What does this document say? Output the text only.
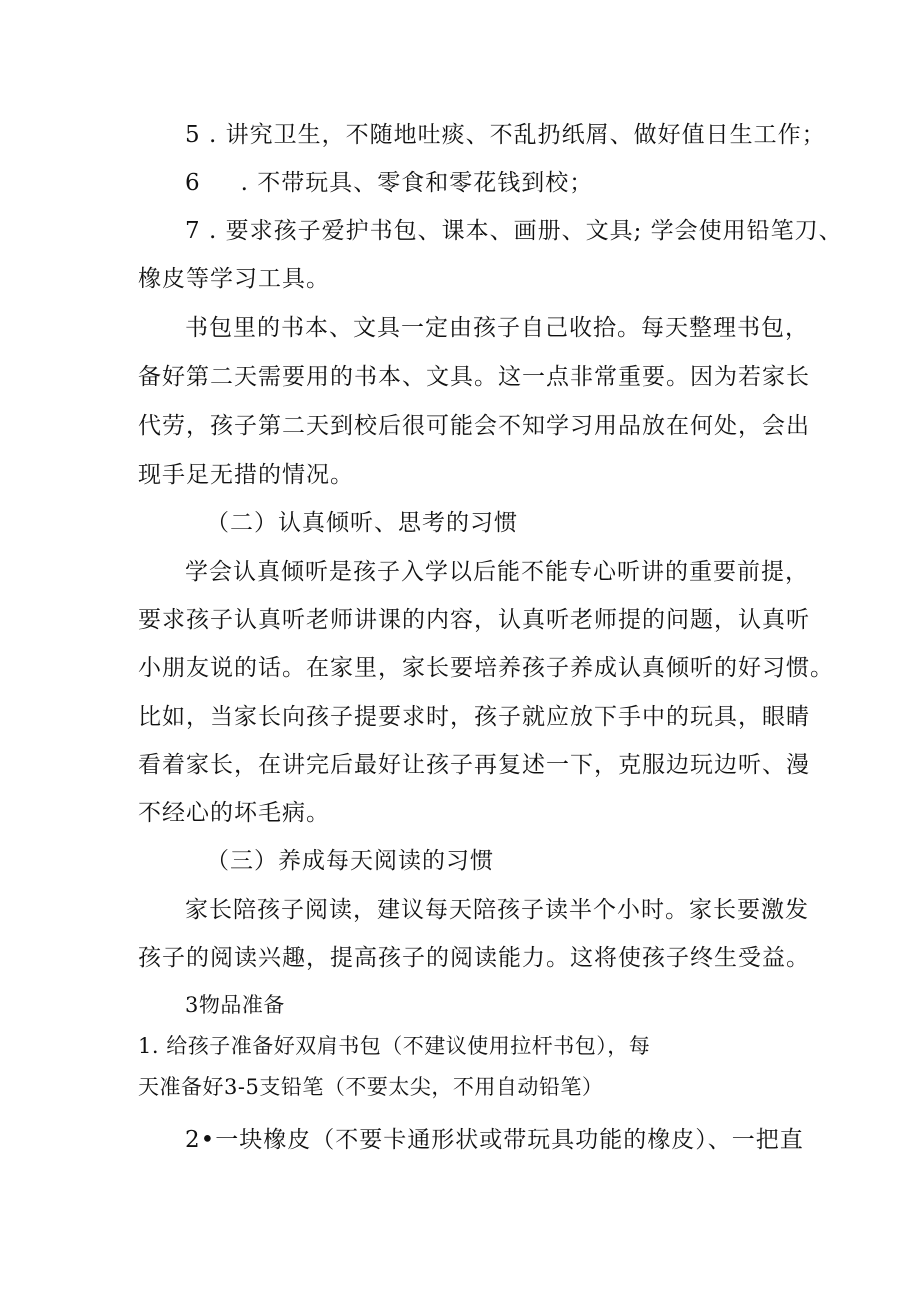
5 . 讲究卫生，不随地吐痰、不乱扔纸屑、做好值日生工作；
6 . 不带玩具、零食和零花钱到校；
7 . 要求孩子爱护书包、课本、画册、文具; 学会使用铅笔刀、
橡皮等学习工具。
书包里的书本、文具一定由孩子自己收拾。每天整理书包，
备好第二天需要用的书本、文具。这一点非常重要。因为若家长
代劳，孩子第二天到校后很可能会不知学习用品放在何处，会出
现手足无措的情况。
（二）认真倾听、思考的习惯
学会认真倾听是孩子入学以后能不能专心听讲的重要前提，
要求孩子认真听老师讲课的内容，认真听老师提的问题，认真听
小朋友说的话。在家里，家长要培养孩子养成认真倾听的好习惯。
比如，当家长向孩子提要求时，孩子就应放下手中的玩具，眼睛
看着家长，在讲完后最好让孩子再复述一下，克服边玩边听、漫
不经心的坏毛病。
（三）养成每天阅读的习惯
家长陪孩子阅读，建议每天陪孩子读半个小时。家长要激发
孩子的阅读兴趣，提高孩子的阅读能力。这将使孩子终生受益。
3物品准备
1. 给孩子准备好双肩书包（不建议使用拉杆书包），每
天准备好3-5支铅笔（不要太尖，不用自动铅笔）
2•一块橡皮（不要卡通形状或带玩具功能的橡皮）、一把直
